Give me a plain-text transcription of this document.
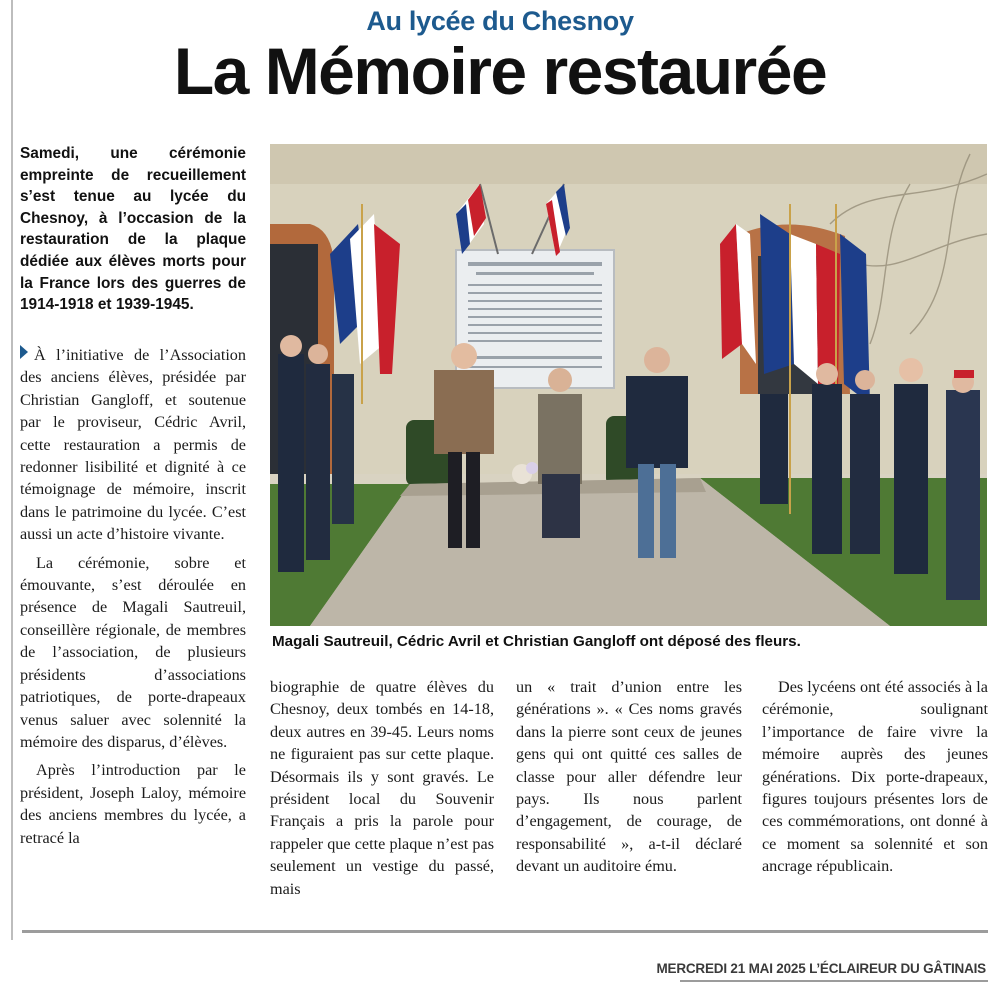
Au lycée du Chesnoy
La Mémoire restaurée
Samedi, une cérémonie empreinte de recueillement s’est tenue au lycée du Chesnoy, à l’occasion de la restauration de la plaque dédiée aux élèves morts pour la France lors des guerres de 1914-1918 et 1939-1945.

À l’initiative de l’Association des anciens élèves, présidée par Christian Gangloff, et soutenue par le proviseur, Cédric Avril, cette restauration a permis de redonner lisibilité et dignité à ce témoignage de mémoire, inscrit dans le patrimoine du lycée. C’est aussi un acte d’histoire vivante.

La cérémonie, sobre et émouvante, s’est déroulée en présence de Magali Sautreuil, conseillère régionale, de membres de l’association, de plusieurs présidents d’associations patriotiques, de porte-drapeaux venus saluer avec solennité la mémoire des disparus, d’élèves.

Après l’introduction par le président, Joseph Laloy, mémoire des anciens membres du lycée, a retracé la

Magali Sautreuil, Cédric Avril et Christian Gangloff ont déposé des fleurs.

biographie de quatre élèves du Chesnoy, deux tombés en 14-18, deux autres en 39-45. Leurs noms ne figuraient pas sur cette plaque. Désormais ils y sont gravés. Le président local du Souvenir Français a pris la parole pour rappeler que cette plaque n’est pas seulement un vestige du passé, mais

un « trait d’union entre les générations ». « Ces noms gravés dans la pierre sont ceux de jeunes gens qui ont quitté ces salles de classe pour aller défendre leur pays. Ils nous parlent d’engagement, de courage, de responsabilité », a-t-il déclaré devant un auditoire ému.

Des lycéens ont été associés à la cérémonie, soulignant l’importance de faire vivre la mémoire auprès des jeunes générations. Dix porte-drapeaux, figures toujours présentes lors de ces commémorations, ont donné à ce moment sa solennité et son ancrage républicain.

MERCREDI 21 MAI 2025 L’ÉCLAIREUR DU GÂTINAIS
